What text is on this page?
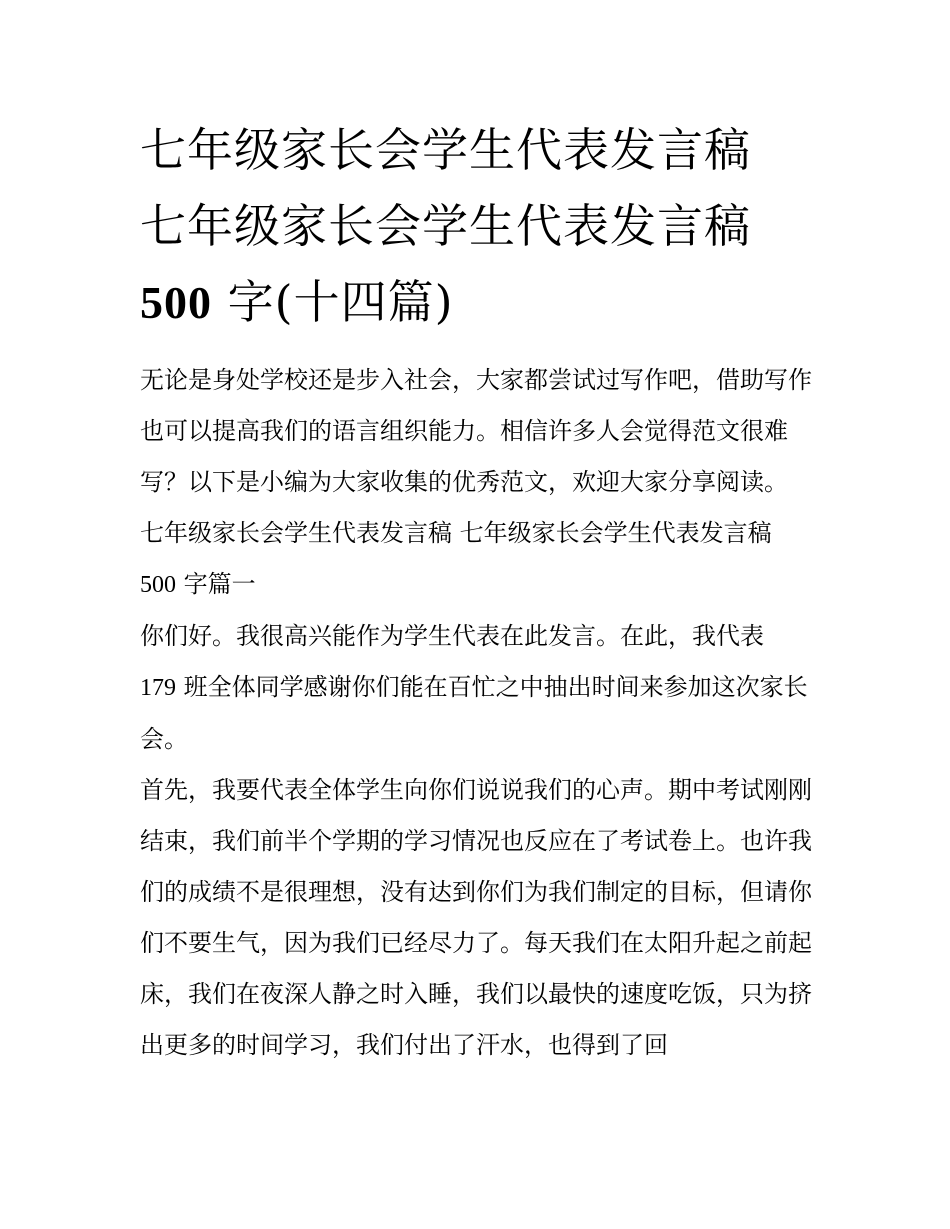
七年级家长会学生代表发言稿
七年级家长会学生代表发言稿
500 字(十四篇)

无论是身处学校还是步入社会，大家都尝试过写作吧，借助写作也可以提高我们的语言组织能力。相信许多人会觉得范文很难写？以下是小编为大家收集的优秀范文，欢迎大家分享阅读。

七年级家长会学生代表发言稿 七年级家长会学生代表发言稿
500 字篇一

你们好。我很高兴能作为学生代表在此发言。在此，我代表
179 班全体同学感谢你们能在百忙之中抽出时间来参加这次家长会。

首先，我要代表全体学生向你们说说我们的心声。期中考试刚刚结束，我们前半个学期的学习情况也反应在了考试卷上。也许我们的成绩不是很理想，没有达到你们为我们制定的目标，但请你们不要生气，因为我们已经尽力了。每天我们在太阳升起之前起床，我们在夜深人静之时入睡，我们以最快的速度吃饭，只为挤出更多的时间学习，我们付出了汗水，也得到了回
